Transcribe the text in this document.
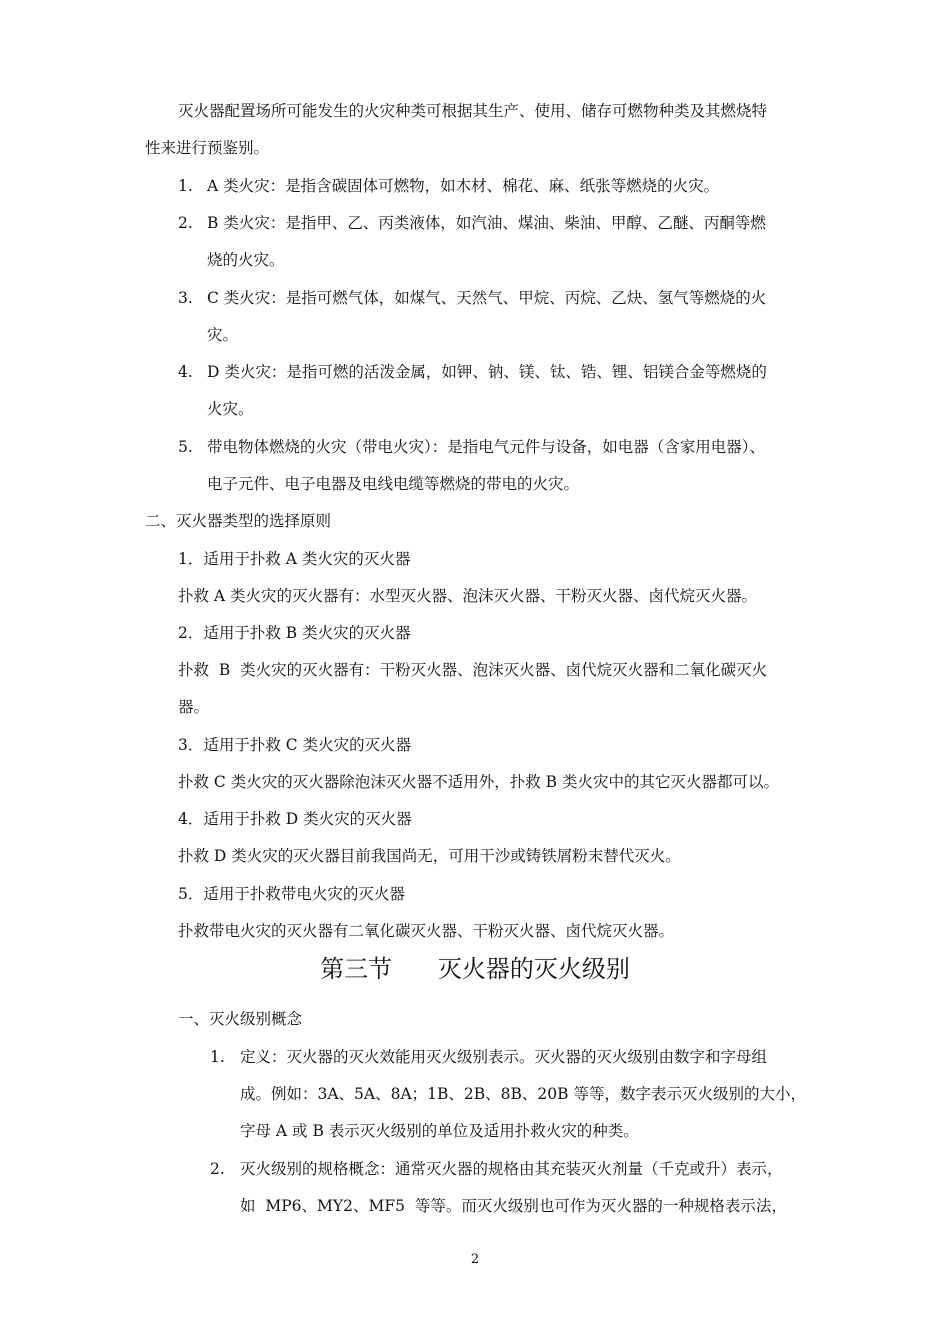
灭火器配置场所可能发生的火灾种类可根据其生产、使用、储存可燃物种类及其燃烧特
性来进行预鉴别。
1. A 类火灾：是指含碳固体可燃物，如木材、棉花、麻、纸张等燃烧的火灾。
2. B 类火灾：是指甲、乙、丙类液体，如汽油、煤油、柴油、甲醇、乙醚、丙酮等燃
烧的火灾。
3. C 类火灾：是指可燃气体，如煤气、天然气、甲烷、丙烷、乙炔、氢气等燃烧的火
灾。
4. D 类火灾：是指可燃的活泼金属，如钾、钠、镁、钛、锆、锂、铝镁合金等燃烧的
火灾。
5. 带电物体燃烧的火灾（带电火灾）：是指电气元件与设备，如电器（含家用电器）、
电子元件、电子电器及电线电缆等燃烧的带电的火灾。
二、灭火器类型的选择原则
1．适用于扑救 A 类火灾的灭火器
扑救 A 类火灾的灭火器有：水型灭火器、泡沫灭火器、干粉灭火器、卤代烷灭火器。
2．适用于扑救 B 类火灾的灭火器
扑救  B  类火灾的灭火器有：干粉灭火器、泡沫灭火器、卤代烷灭火器和二氧化碳灭火
器。
3．适用于扑救 C 类火灾的灭火器
扑救 C 类火灾的灭火器除泡沫灭火器不适用外，扑救 B 类火灾中的其它灭火器都可以。
4．适用于扑救 D 类火灾的灭火器
扑救 D 类火灾的灭火器目前我国尚无，可用干沙或铸铁屑粉末替代灭火。
5．适用于扑救带电火灾的灭火器
扑救带电火灾的灭火器有二氧化碳灭火器、干粉灭火器、卤代烷灭火器。
第三节      灭火器的灭火级别
一、灭火级别概念
1. 定义：灭火器的灭火效能用灭火级别表示。灭火器的灭火级别由数字和字母组
成。例如：3A、5A、8A；1B、2B、8B、20B 等等，数字表示灭火级别的大小，
字母 A 或 B 表示灭火级别的单位及适用扑救火灾的种类。
2. 灭火级别的规格概念：通常灭火器的规格由其充装灭火剂量（千克或升）表示，
如  MP6、MY2、MF5  等等。而灭火级别也可作为灭火器的一种规格表示法，
2
